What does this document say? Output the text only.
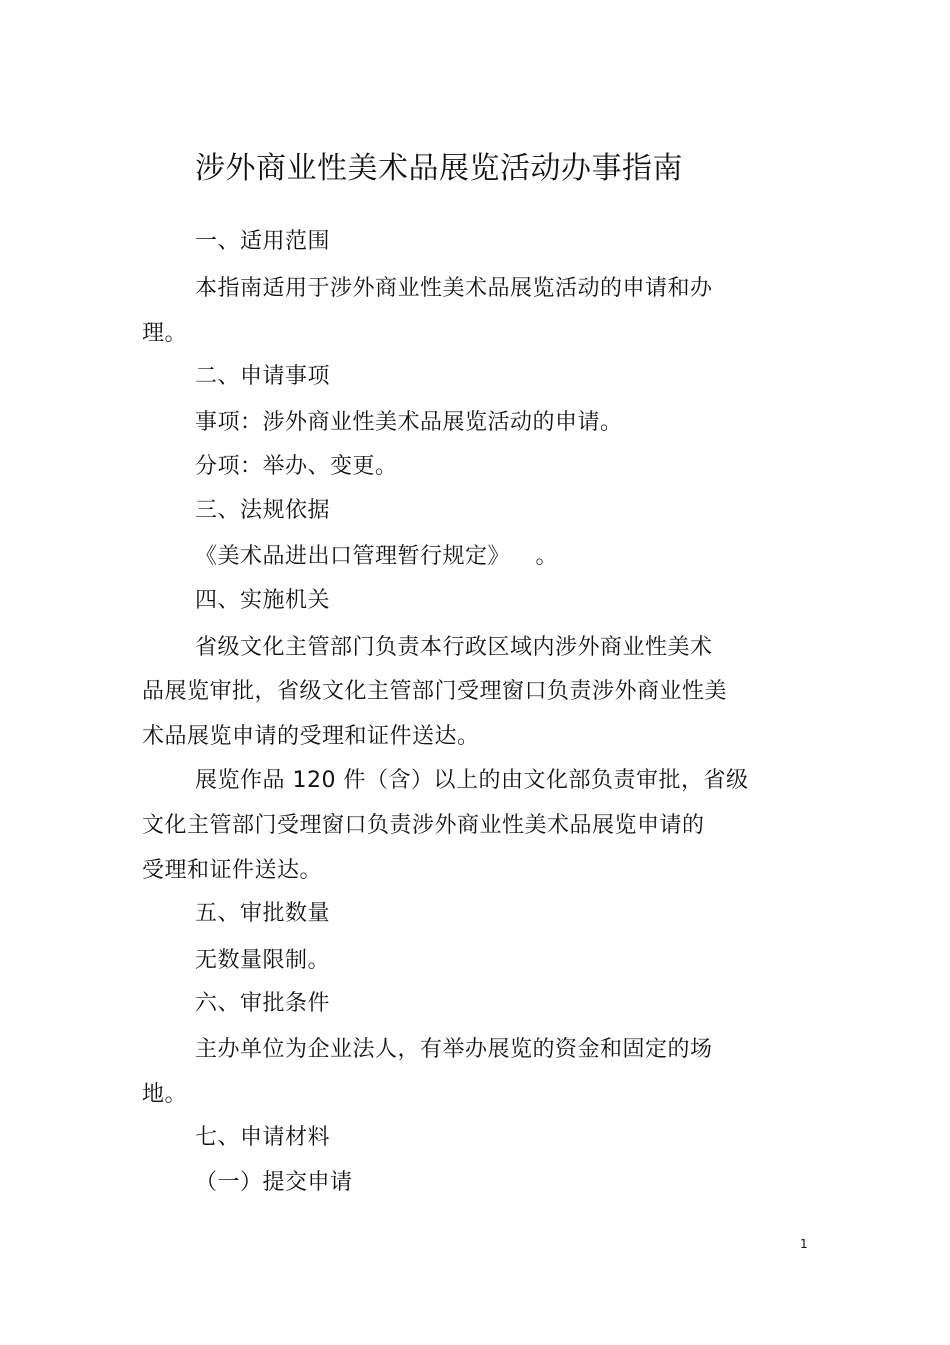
涉外商业性美术品展览活动办事指南
一、适用范围
本指南适用于涉外商业性美术品展览活动的申请和办
理。
二、申请事项
事项：涉外商业性美术品展览活动的申请。
分项：举办、变更。
三、法规依据
《美术品进出口管理暂行规定》 。
四、实施机关
省级文化主管部门负责本行政区域内涉外商业性美术
品展览审批，省级文化主管部门受理窗口负责涉外商业性美
术品展览申请的受理和证件送达。
展览作品 120 件（含）以上的由文化部负责审批，省级
文化主管部门受理窗口负责涉外商业性美术品展览申请的
受理和证件送达。
五、审批数量
无数量限制。
六、审批条件
主办单位为企业法人，有举办展览的资金和固定的场
地。
七、申请材料
（一）提交申请
1
